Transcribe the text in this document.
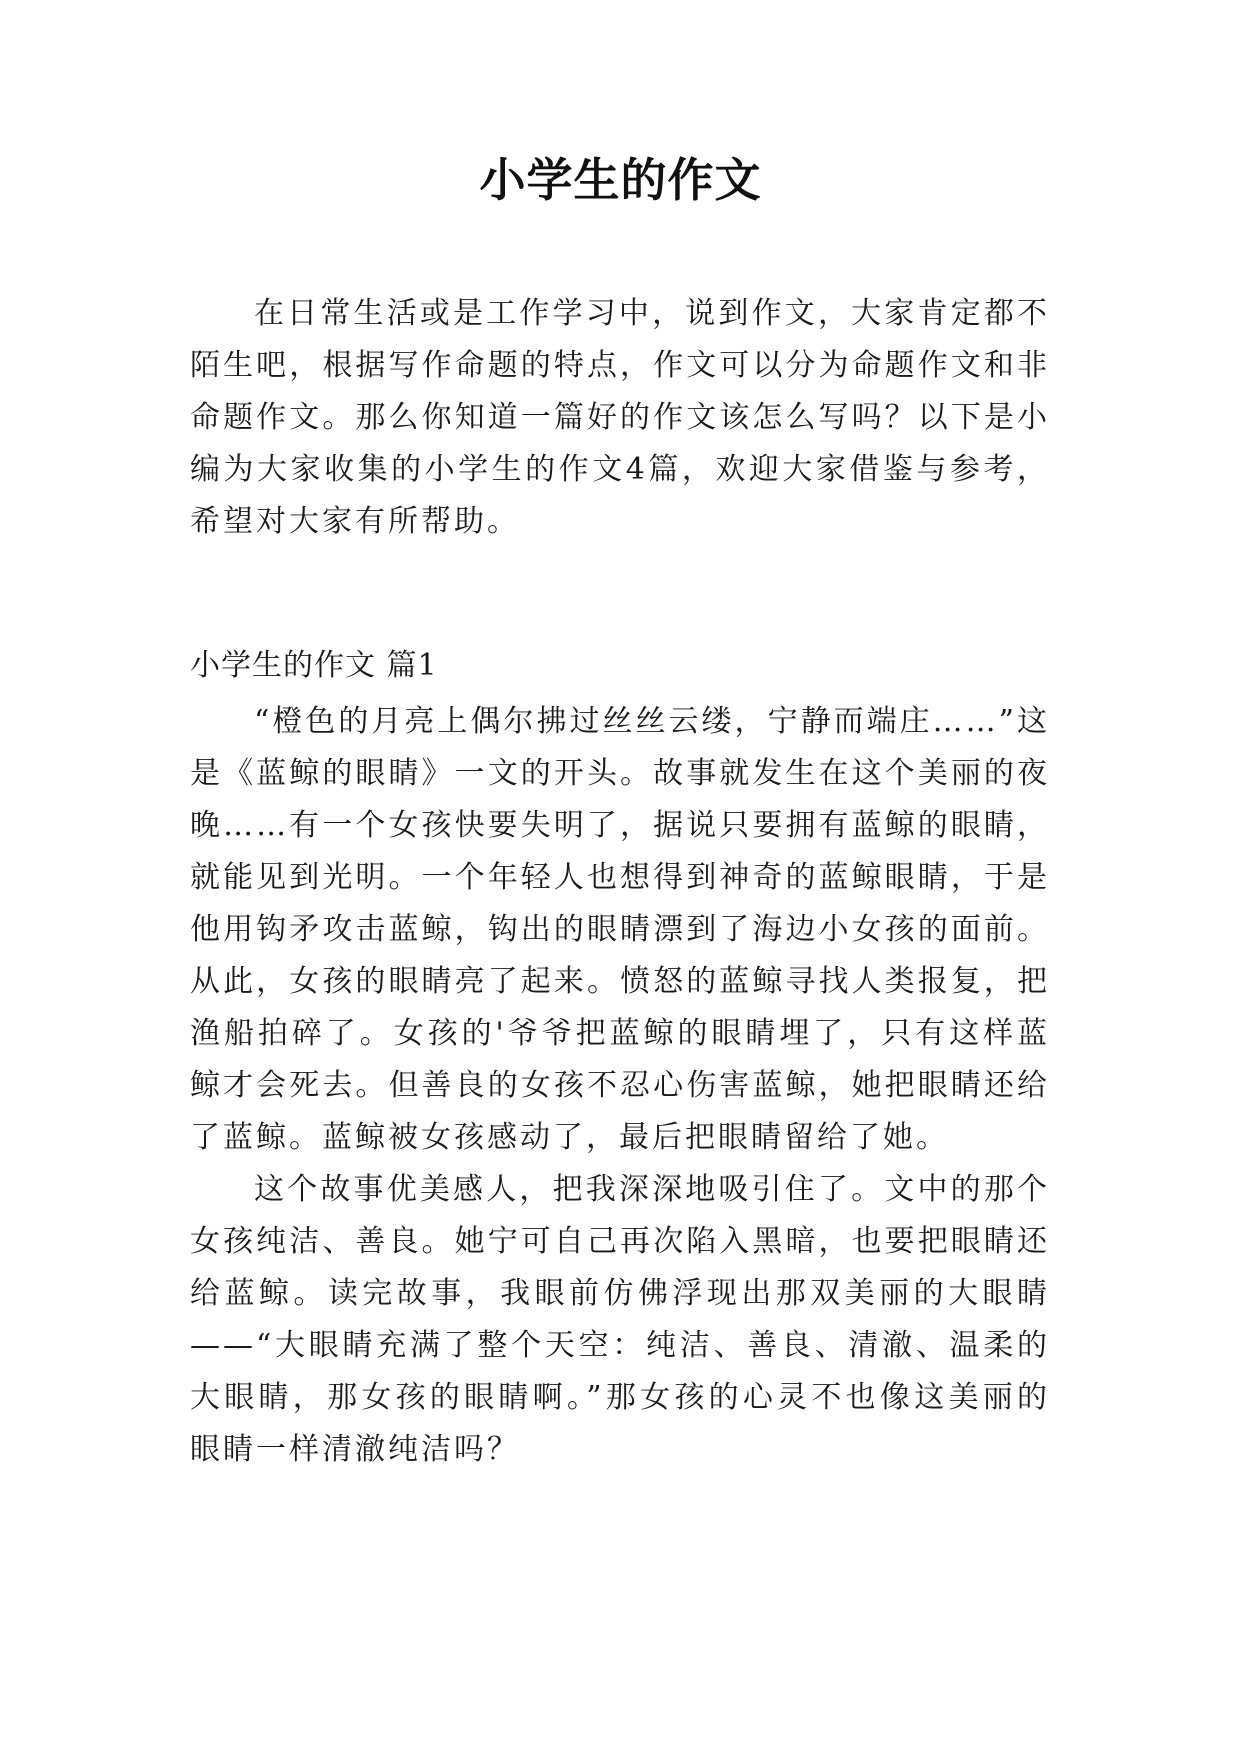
小学生的作文

在日常生活或是工作学习中，说到作文，大家肯定都不陌生吧，根据写作命题的特点，作文可以分为命题作文和非命题作文。那么你知道一篇好的作文该怎么写吗？以下是小编为大家收集的小学生的作文4篇，欢迎大家借鉴与参考，希望对大家有所帮助。

小学生的作文 篇1

“橙色的月亮上偶尔拂过丝丝云缕，宁静而端庄……”这是《蓝鲸的眼睛》一文的开头。故事就发生在这个美丽的夜晚……有一个女孩快要失明了，据说只要拥有蓝鲸的眼睛，就能见到光明。一个年轻人也想得到神奇的蓝鲸眼睛，于是他用钩矛攻击蓝鲸，钩出的眼睛漂到了海边小女孩的面前。从此，女孩的眼睛亮了起来。愤怒的蓝鲸寻找人类报复，把渔船拍碎了。女孩的'爷爷把蓝鲸的眼睛埋了，只有这样蓝鲸才会死去。但善良的女孩不忍心伤害蓝鲸，她把眼睛还给了蓝鲸。蓝鲸被女孩感动了，最后把眼睛留给了她。

这个故事优美感人，把我深深地吸引住了。文中的那个女孩纯洁、善良。她宁可自己再次陷入黑暗，也要把眼睛还给蓝鲸。读完故事，我眼前仿佛浮现出那双美丽的大眼睛——“大眼睛充满了整个天空：纯洁、善良、清澈、温柔的大眼睛，那女孩的眼睛啊。”那女孩的心灵不也像这美丽的眼睛一样清澈纯洁吗？
